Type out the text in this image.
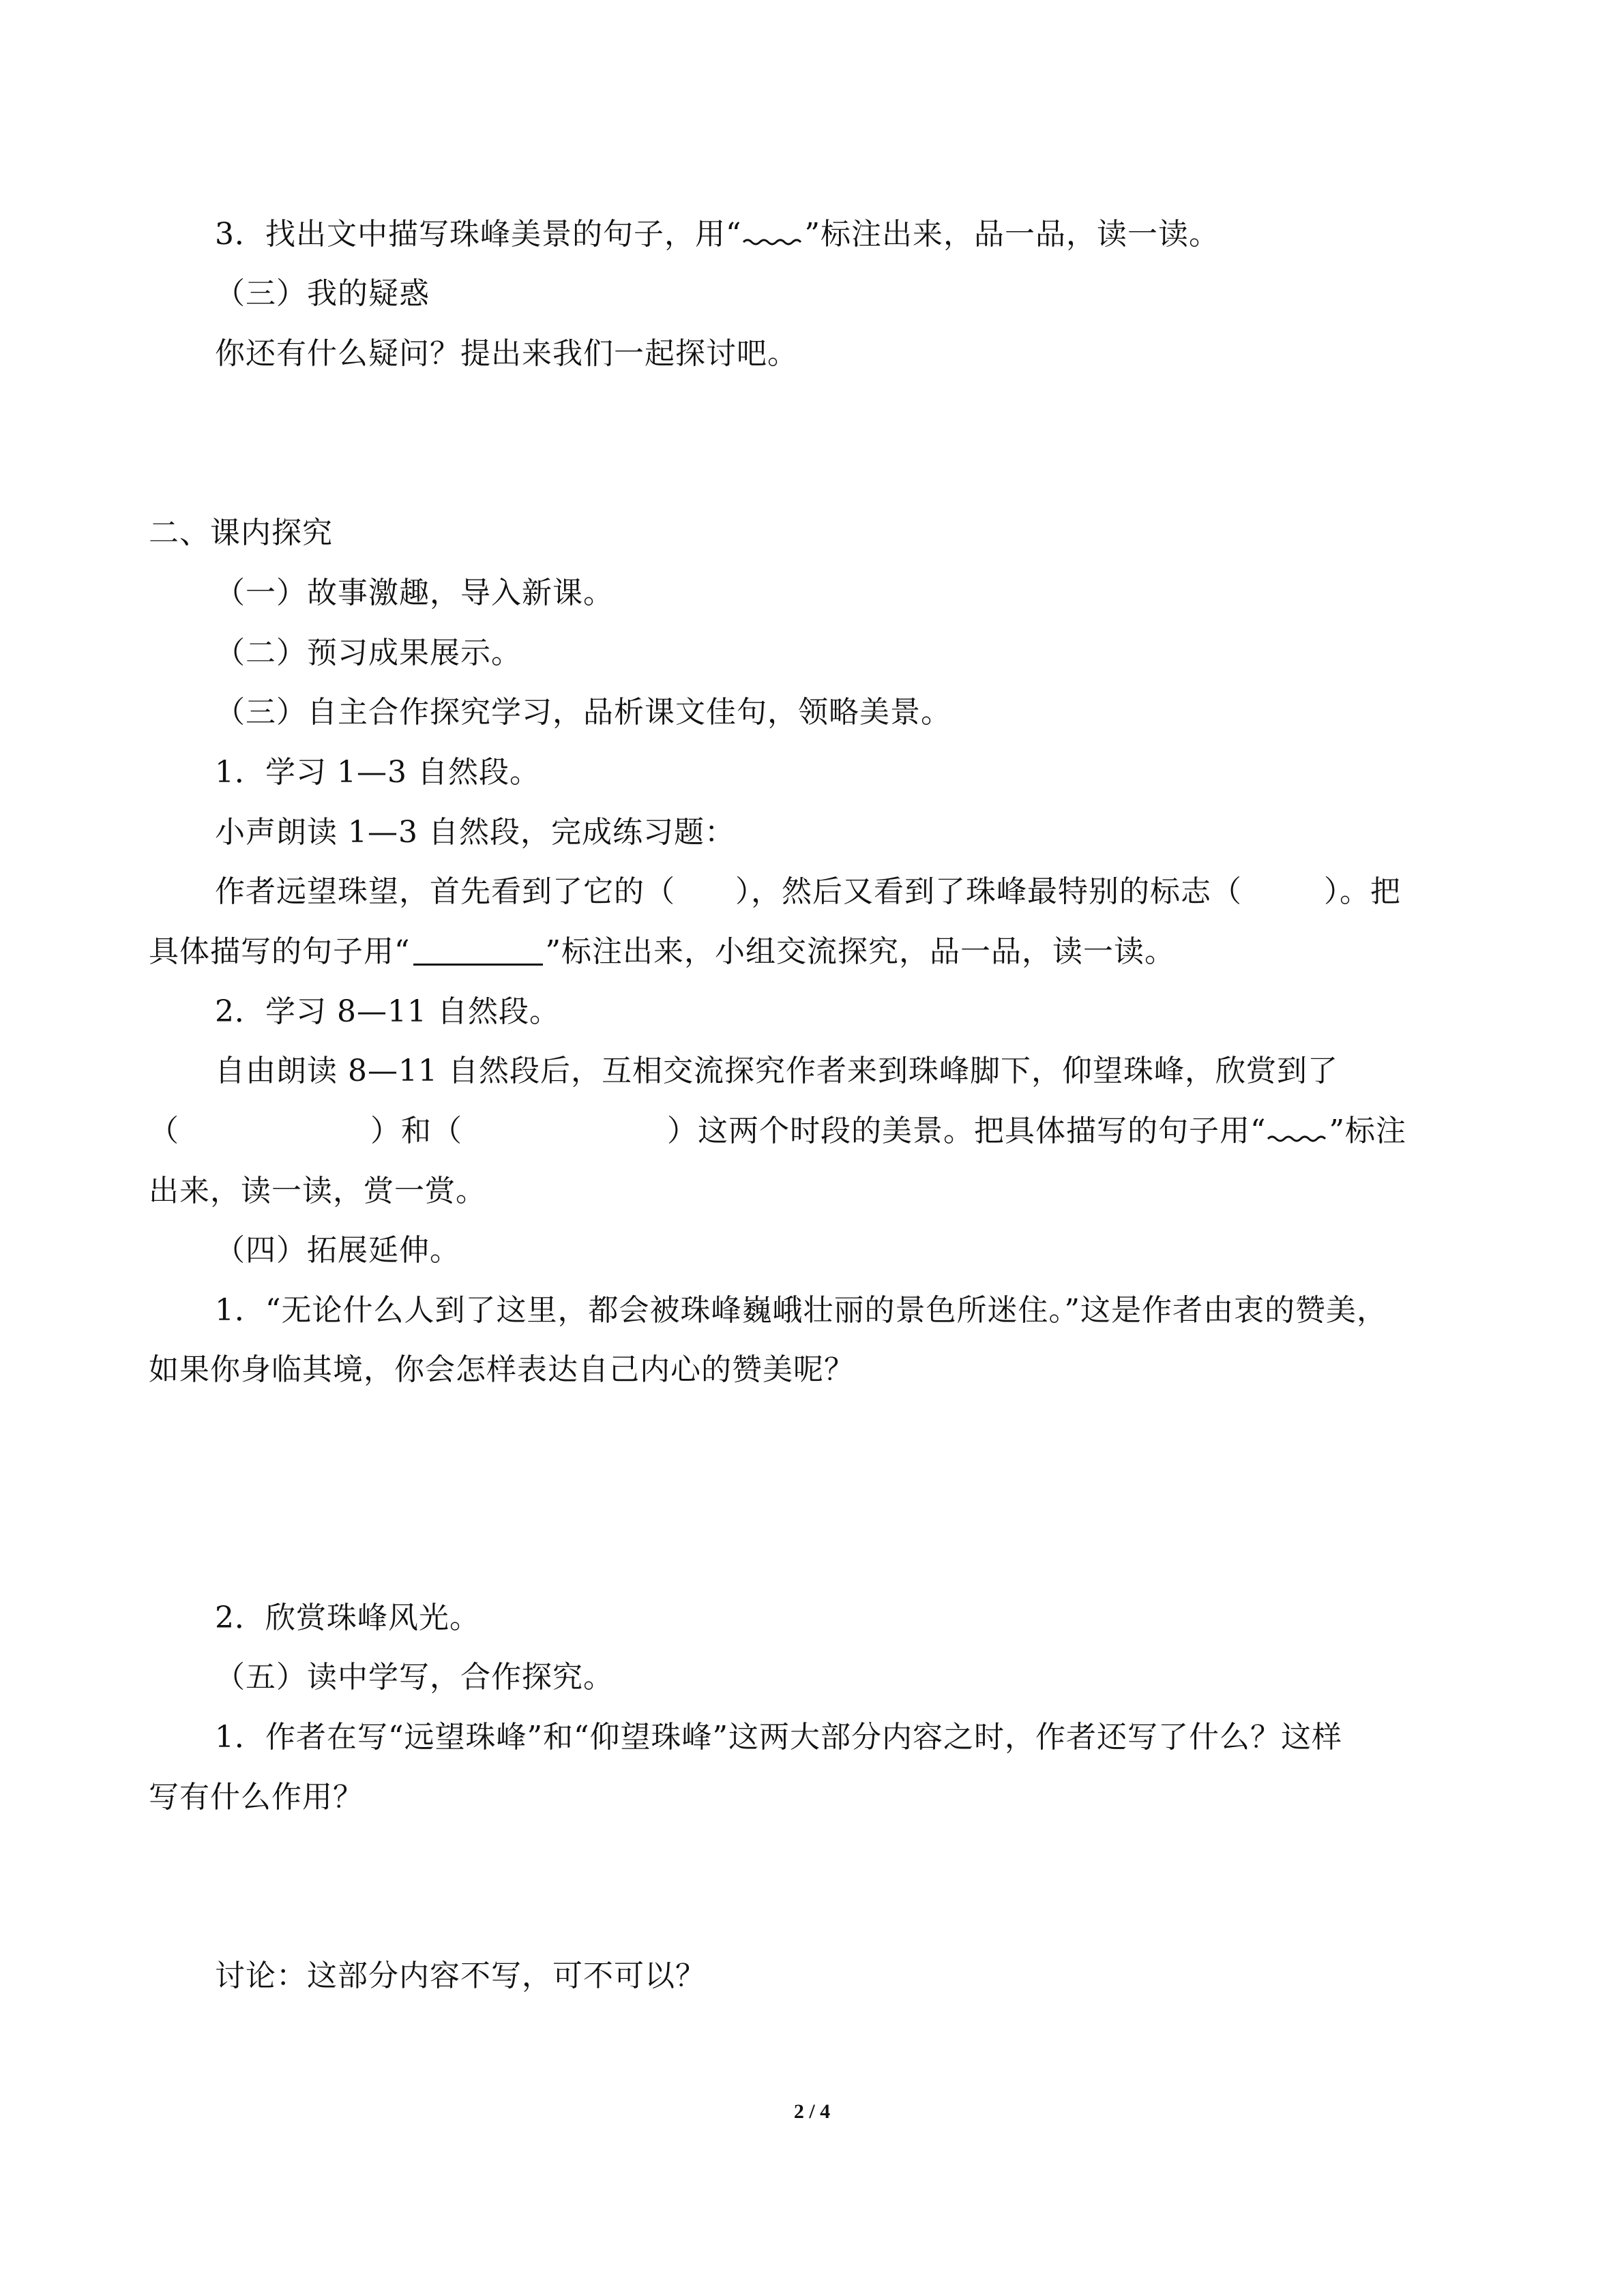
3．找出文中描写珠峰美景的句子，用“ ”标注出来，品一品，读一读。
（三）我的疑惑
你还有什么疑问？提出来我们一起探讨吧。
二、课内探究
（一）故事激趣，导入新课。
（二）预习成果展示。
（三）自主合作探究学习，品析课文佳句，领略美景。
1．学习 1—3 自然段。
小声朗读 1—3 自然段，完成练习题：
作者远望珠望，首先看到了它的（ ），然后又看到了珠峰最特别的标志（	）。把
具体描写的句子用“	”标注出来，小组交流探究，品一品，读一读。
2．学习 8—11 自然段。
自由朗读 8—11 自然段后，互相交流探究作者来到珠峰脚下，仰望珠峰，欣赏到了
（	）和（	）这两个时段的美景。把具体描写的句子用“ ”标注
出来，读一读，赏一赏。
（四）拓展延伸。
1．“无论什么人到了这里，都会被珠峰巍峨壮丽的景色所迷住。”这是作者由衷的赞美，
如果你身临其境，你会怎样表达自己内心的赞美呢？
2．欣赏珠峰风光。
（五）读中学写，合作探究。
1．作者在写“远望珠峰”和“仰望珠峰”这两大部分内容之时，作者还写了什么？这样
写有什么作用？
讨论：这部分内容不写，可不可以？
2 / 4
